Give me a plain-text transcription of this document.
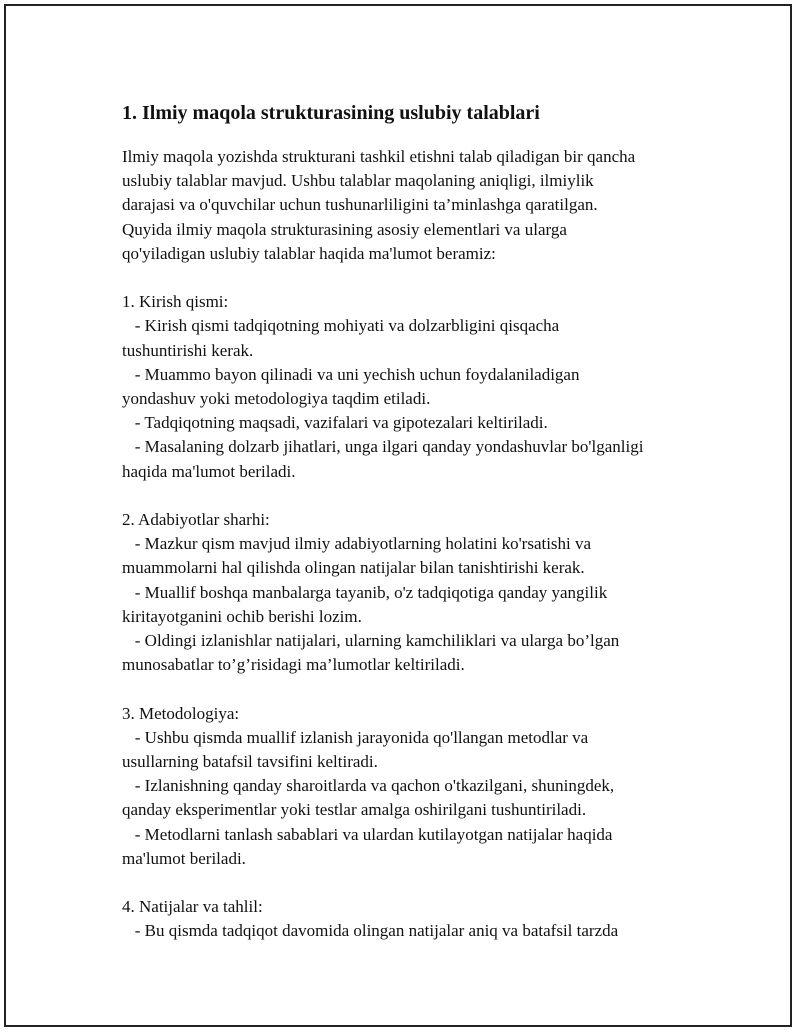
1. Ilmiy maqola strukturasining uslubiy talablari

Ilmiy maqola yozishda strukturani tashkil etishni talab qiladigan bir qancha
uslubiy talablar mavjud. Ushbu talablar maqolaning aniqligi, ilmiylik
darajasi va o'quvchilar uchun tushunarliligini ta’minlashga qaratilgan.
Quyida ilmiy maqola strukturasining asosiy elementlari va ularga
qo'yiladigan uslubiy talablar haqida ma'lumot beramiz:

1. Kirish qismi:
- Kirish qismi tadqiqotning mohiyati va dolzarbligini qisqacha
tushuntirishi kerak.
- Muammo bayon qilinadi va uni yechish uchun foydalaniladigan
yondashuv yoki metodologiya taqdim etiladi.
- Tadqiqotning maqsadi, vazifalari va gipotezalari keltiriladi.
- Masalaning dolzarb jihatlari, unga ilgari qanday yondashuvlar bo'lganligi
haqida ma'lumot beriladi.

2. Adabiyotlar sharhi:
- Mazkur qism mavjud ilmiy adabiyotlarning holatini ko'rsatishi va
muammolarni hal qilishda olingan natijalar bilan tanishtirishi kerak.
- Muallif boshqa manbalarga tayanib, o'z tadqiqotiga qanday yangilik
kiritayotganini ochib berishi lozim.
- Oldingi izlanishlar natijalari, ularning kamchiliklari va ularga bo’lgan
munosabatlar to’g’risidagi ma’lumotlar keltiriladi.

3. Metodologiya:
- Ushbu qismda muallif izlanish jarayonida qo'llangan metodlar va
usullarning batafsil tavsifini keltiradi.
- Izlanishning qanday sharoitlarda va qachon o'tkazilgani, shuningdek,
qanday eksperimentlar yoki testlar amalga oshirilgani tushuntiriladi.
- Metodlarni tanlash sabablari va ulardan kutilayotgan natijalar haqida
ma'lumot beriladi.

4. Natijalar va tahlil:
- Bu qismda tadqiqot davomida olingan natijalar aniq va batafsil tarzda
